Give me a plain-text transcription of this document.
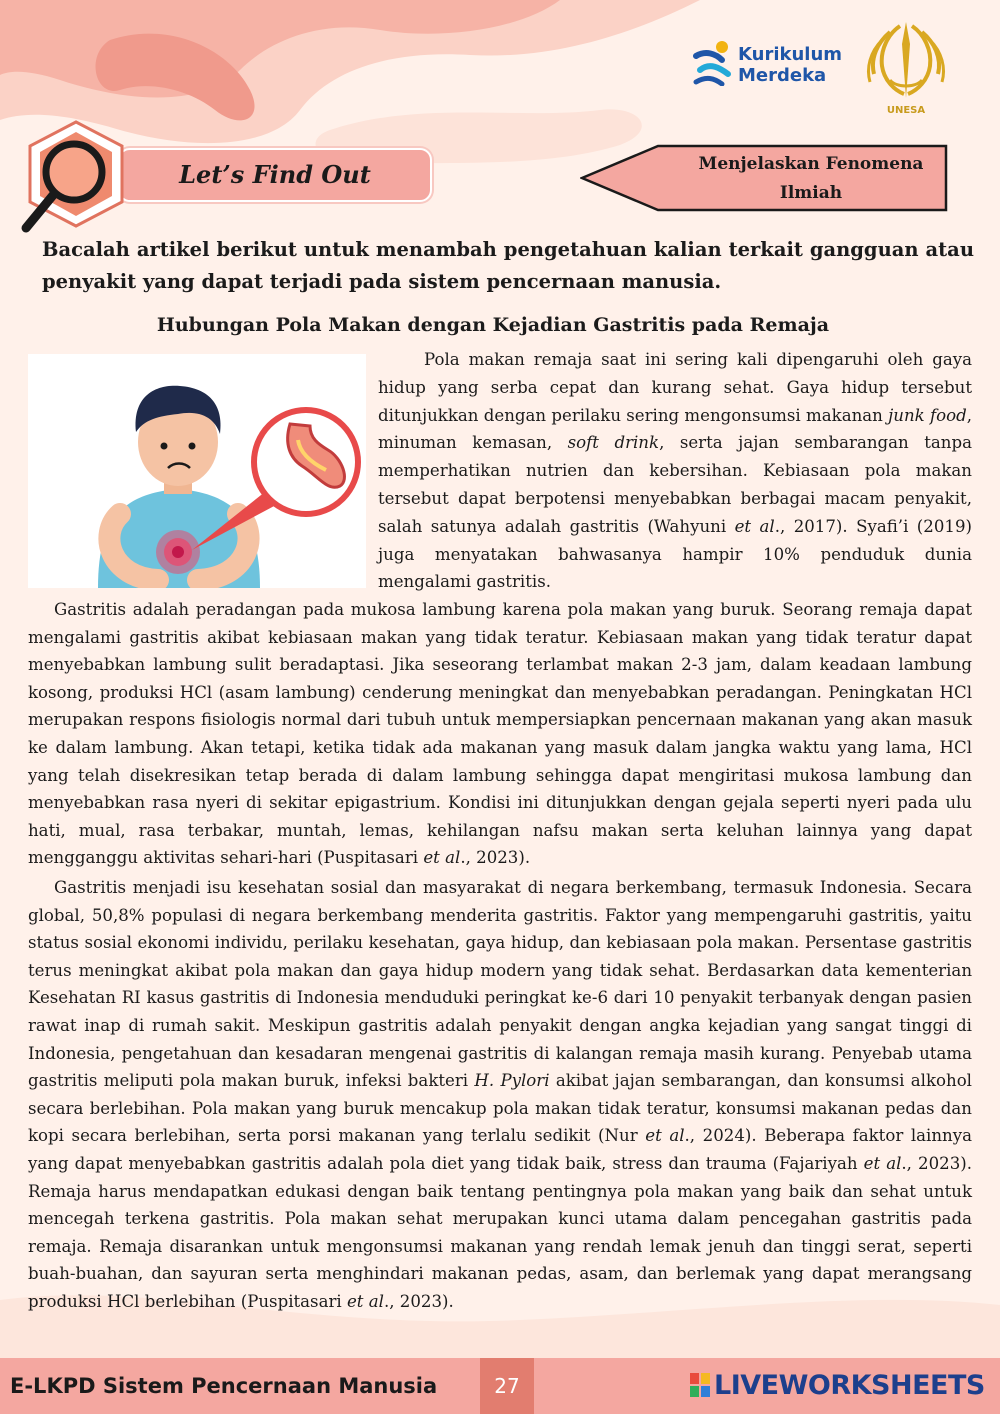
Kurikulum
Merdeka
UNESA
Let’s Find Out	Menjelaskan Fenomena Ilmiah

Bacalah artikel berikut untuk menambah pengetahuan kalian terkait gangguan atau penyakit yang dapat terjadi pada sistem pencernaan manusia.

Hubungan Pola Makan dengan Kejadian Gastritis pada Remaja

Pola makan remaja saat ini sering kali dipengaruhi oleh gaya hidup yang serba cepat dan kurang sehat. Gaya hidup tersebut ditunjukkan dengan perilaku sering mengonsumsi makanan junk food, minuman kemasan, soft drink, serta jajan sembarangan tanpa memperhatikan nutrien dan kebersihan. Kebiasaan pola makan tersebut dapat berpotensi menyebabkan berbagai macam penyakit, salah satunya adalah gastritis (Wahyuni et al., 2017). Syafi’i (2019) juga menyatakan bahwasanya hampir 10% penduduk dunia mengalami gastritis.

Gastritis adalah peradangan pada mukosa lambung karena pola makan yang buruk. Seorang remaja dapat mengalami gastritis akibat kebiasaan makan yang tidak teratur. Kebiasaan makan yang tidak teratur dapat menyebabkan lambung sulit beradaptasi. Jika seseorang terlambat makan 2-3 jam, dalam keadaan lambung kosong, produksi HCl (asam lambung) cenderung meningkat dan menyebabkan peradangan. Peningkatan HCl merupakan respons fisiologis normal dari tubuh untuk mempersiapkan pencernaan makanan yang akan masuk ke dalam lambung. Akan tetapi, ketika tidak ada makanan yang masuk dalam jangka waktu yang lama, HCl yang telah disekresikan tetap berada di dalam lambung sehingga dapat mengiritasi mukosa lambung dan menyebabkan rasa nyeri di sekitar epigastrium. Kondisi ini ditunjukkan dengan gejala seperti nyeri pada ulu hati, mual, rasa terbakar, muntah, lemas, kehilangan nafsu makan serta keluhan lainnya yang dapat mengganggu aktivitas sehari-hari (Puspitasari et al., 2023).

Gastritis menjadi isu kesehatan sosial dan masyarakat di negara berkembang, termasuk Indonesia. Secara global, 50,8% populasi di negara berkembang menderita gastritis. Faktor yang mempengaruhi gastritis, yaitu status sosial ekonomi individu, perilaku kesehatan, gaya hidup, dan kebiasaan pola makan. Persentase gastritis terus meningkat akibat pola makan dan gaya hidup modern yang tidak sehat. Berdasarkan data kementerian Kesehatan RI kasus gastritis di Indonesia menduduki peringkat ke-6 dari 10 penyakit terbanyak dengan pasien rawat inap di rumah sakit. Meskipun gastritis adalah penyakit dengan angka kejadian yang sangat tinggi di Indonesia, pengetahuan dan kesadaran mengenai gastritis di kalangan remaja masih kurang. Penyebab utama gastritis meliputi pola makan buruk, infeksi bakteri H. Pylori akibat jajan sembarangan, dan konsumsi alkohol secara berlebihan. Pola makan yang buruk mencakup pola makan tidak teratur, konsumsi makanan pedas dan kopi secara berlebihan, serta porsi makanan yang terlalu sedikit (Nur et al., 2024). Beberapa faktor lainnya yang dapat menyebabkan gastritis adalah pola diet yang tidak baik, stress dan trauma (Fajariyah et al., 2023). Remaja harus mendapatkan edukasi dengan baik tentang pentingnya pola makan yang baik dan sehat untuk mencegah terkena gastritis. Pola makan sehat merupakan kunci utama dalam pencegahan gastritis pada remaja. Remaja disarankan untuk mengonsumsi makanan yang rendah lemak jenuh dan tinggi serat, seperti buah-buahan, dan sayuran serta menghindari makanan pedas, asam, dan berlemak yang dapat merangsang produksi HCl berlebihan (Puspitasari et al., 2023).

E-LKPD Sistem Pencernaan Manusia	27	LIVEWORKSHEETS
